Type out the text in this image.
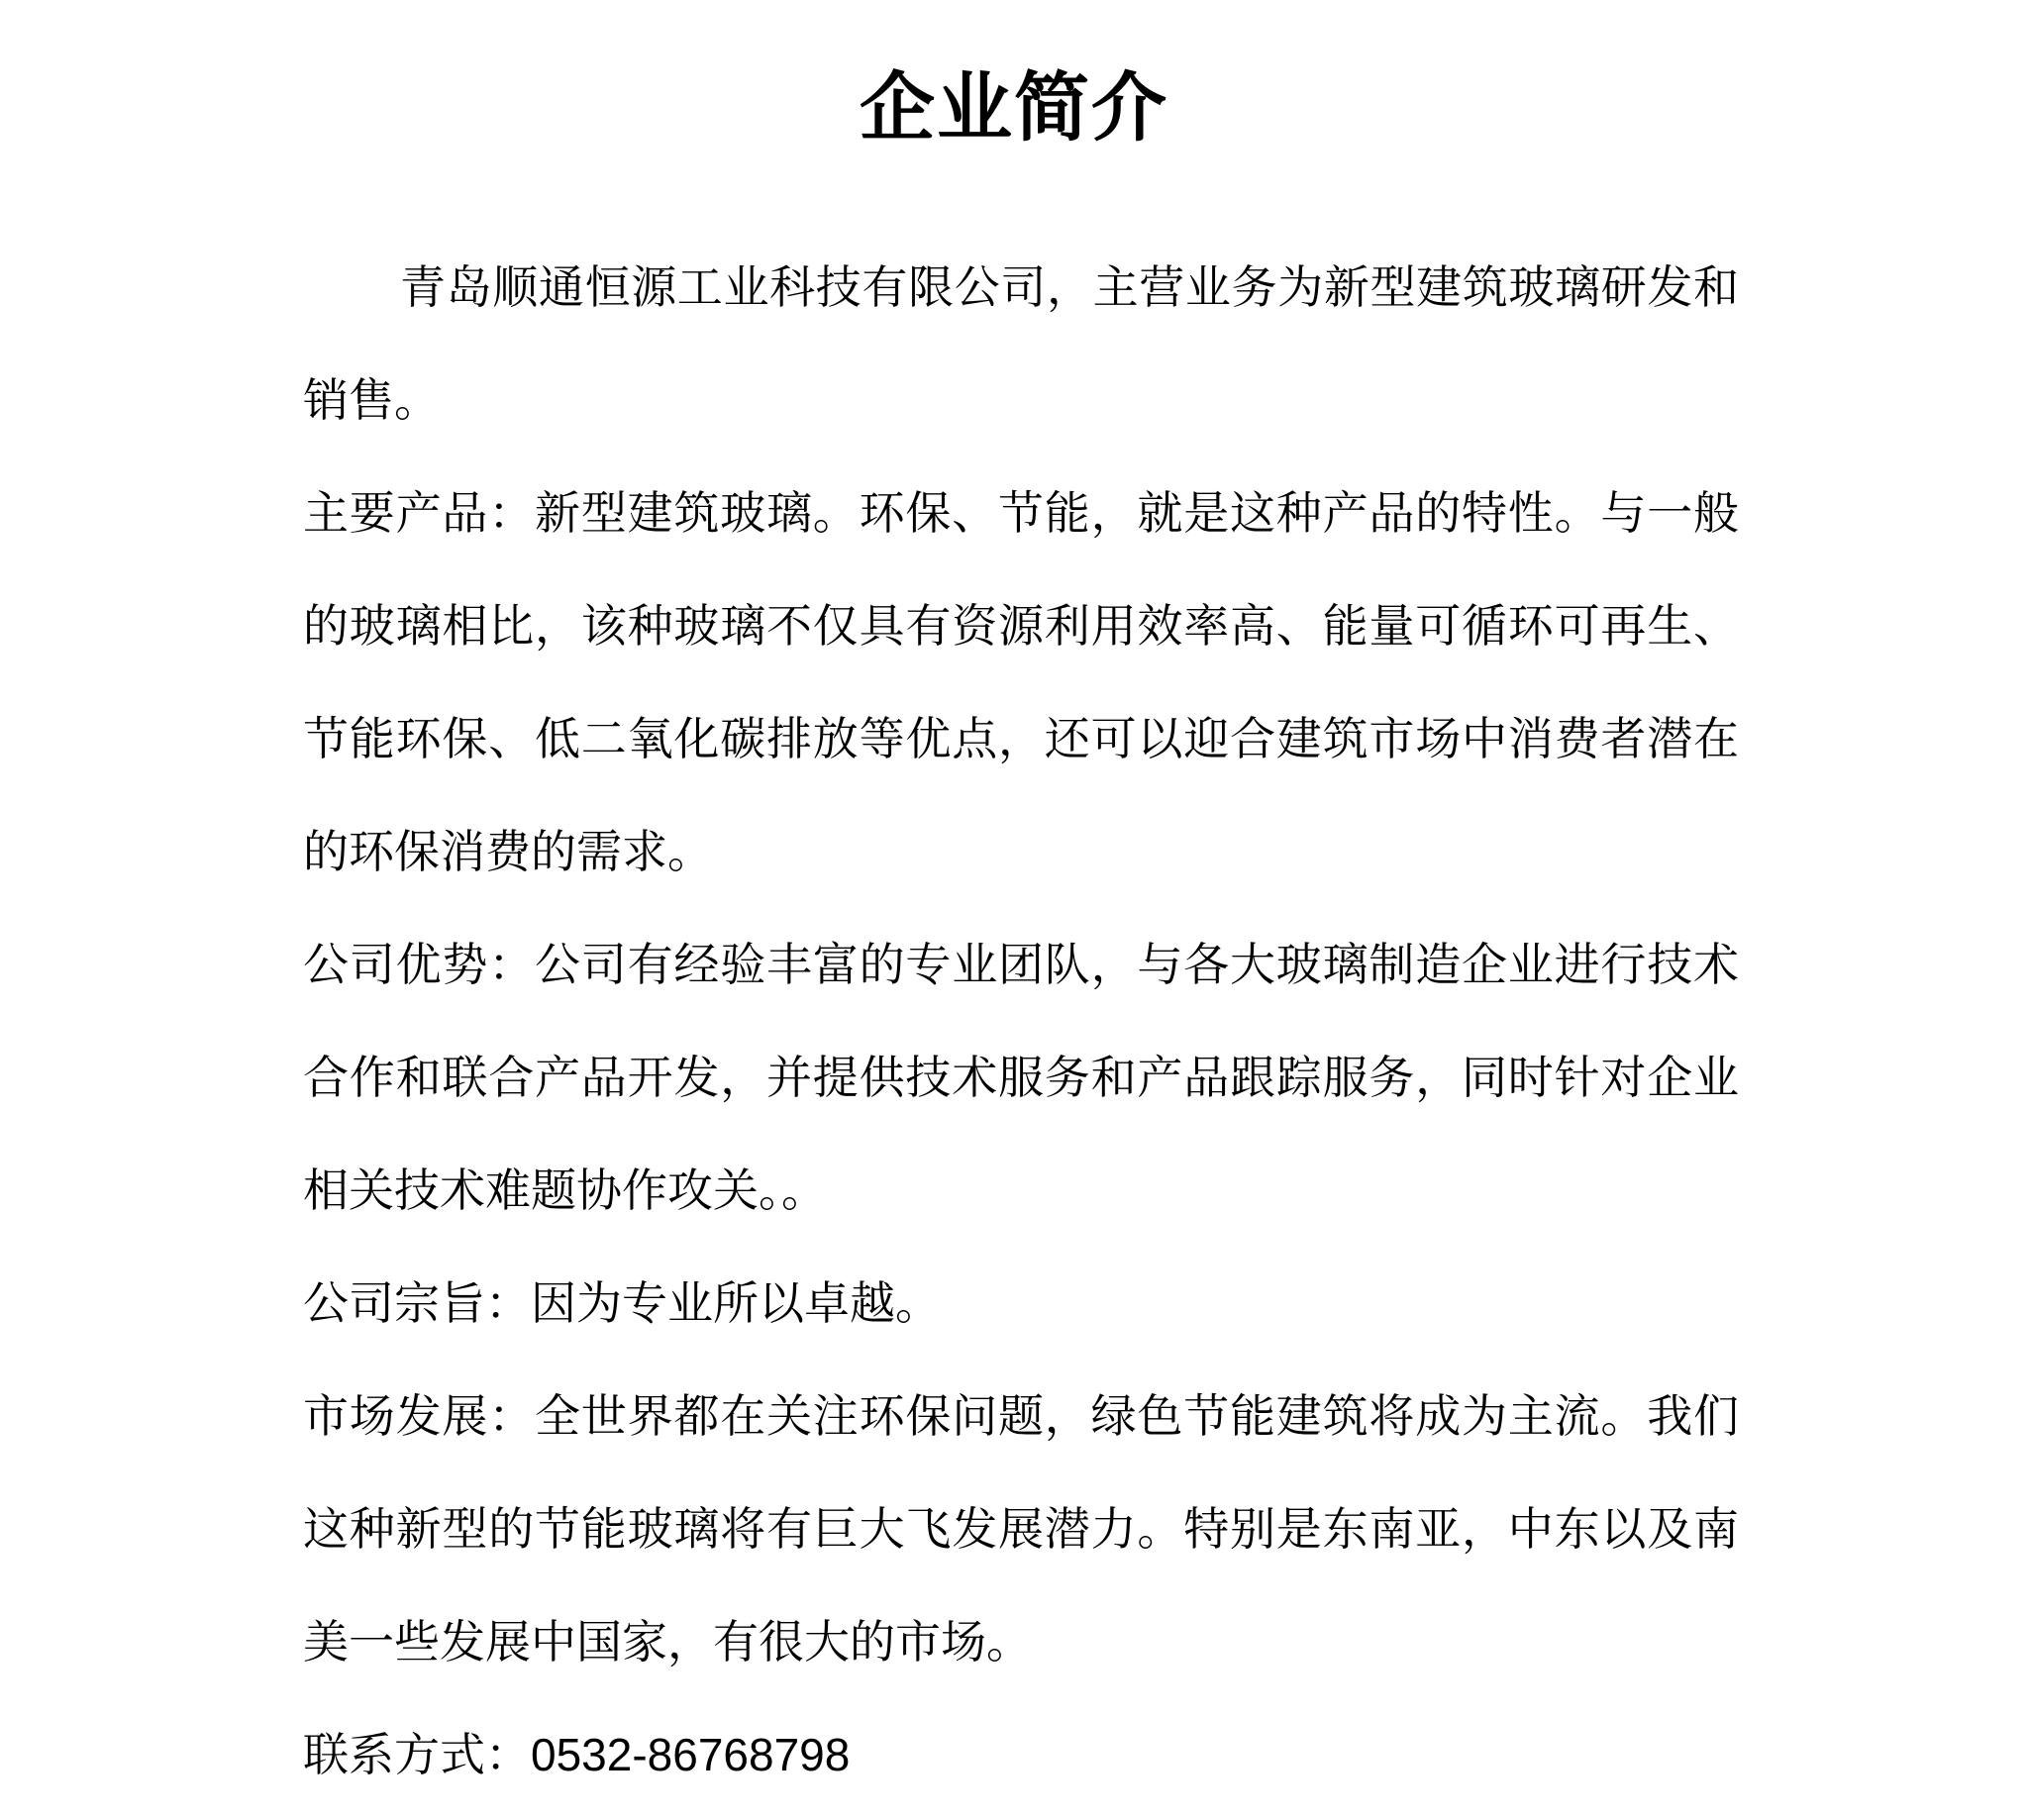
企业简介

青岛顺通恒源工业科技有限公司，主营业务为新型建筑玻璃研发和销售。

主要产品：新型建筑玻璃。环保、节能，就是这种产品的特性。与一般的玻璃相比，该种玻璃不仅具有资源利用效率高、能量可循环可再生、节能环保、低二氧化碳排放等优点，还可以迎合建筑市场中消费者潜在的环保消费的需求。

公司优势：公司有经验丰富的专业团队，与各大玻璃制造企业进行技术合作和联合产品开发，并提供技术服务和产品跟踪服务，同时针对企业相关技术难题协作攻关。。

公司宗旨：因为专业所以卓越。

市场发展：全世界都在关注环保问题，绿色节能建筑将成为主流。我们这种新型的节能玻璃将有巨大飞发展潜力。特别是东南亚，中东以及南美一些发展中国家，有很大的市场。

联系方式：0532-86768798
